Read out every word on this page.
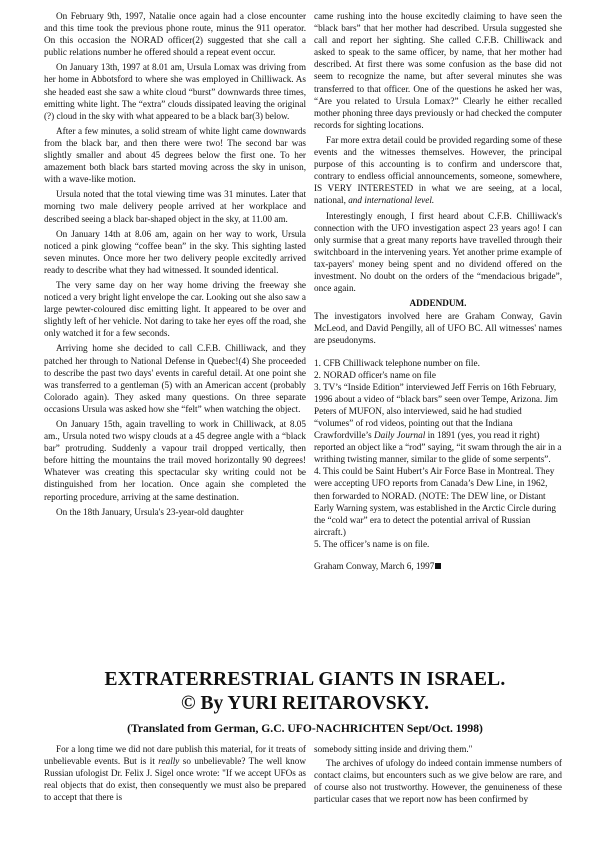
On February 9th, 1997, Natalie once again had a close encounter and this time took the previous phone route, minus the 911 operator. On this occasion the NORAD officer(2) suggested that she call a public relations number he offered should a repeat event occur.

On January 13th, 1997 at 8.01 am, Ursula Lomax was driving from her home in Abbotsford to where she was employed in Chilliwack. As she headed east she saw a white cloud “burst” downwards three times, emitting white light. The “extra” clouds dissipated leaving the original (?) cloud in the sky with what appeared to be a black bar(3) below.

After a few minutes, a solid stream of white light came downwards from the black bar, and then there were two! The second bar was slightly smaller and about 45 degrees below the first one. To her amazement both black bars started moving across the sky in unison, with a wave-like motion.

Ursula noted that the total viewing time was 31 minutes. Later that morning two male delivery people arrived at her workplace and described seeing a black bar-shaped object in the sky, at 11.00 am.

On January 14th at 8.06 am, again on her way to work, Ursula noticed a pink glowing “coffee bean” in the sky. This sighting lasted seven minutes. Once more her two delivery people excitedly arrived ready to describe what they had witnessed. It sounded identical.

The very same day on her way home driving the freeway she noticed a very bright light envelope the car. Looking out she also saw a large pewter-coloured disc emitting light. It appeared to be over and slightly left of her vehicle. Not daring to take her eyes off the road, she only watched it for a few seconds.

Arriving home she decided to call C.F.B. Chilliwack, and they patched her through to National Defense in Quebec!(4) She proceeded to describe the past two days' events in careful detail. At one point she was transferred to a gentleman (5) with an American accent (probably Colorado again). They asked many questions. On three separate occasions Ursula was asked how she “felt” when watching the object.

On January 15th, again travelling to work in Chilliwack, at 8.05 am., Ursula noted two wispy clouds at a 45 degree angle with a “black bar” protruding. Suddenly a vapour trail dropped vertically, then before hitting the mountains the trail moved horizontally 90 degrees! Whatever was creating this spectacular sky writing could not be distinguished from her location. Once again she completed the reporting procedure, arriving at the same destination.

On the 18th January, Ursula's 23-year-old daughter

came rushing into the house excitedly claiming to have seen the “black bars” that her mother had described. Ursula suggested she call and report her sighting. She called C.F.B. Chilliwack and asked to speak to the same officer, by name, that her mother had described. At first there was some confusion as the base did not seem to recognize the name, but after several minutes she was transferred to that officer. One of the questions he asked her was, “Are you related to Ursula Lomax?” Clearly he either recalled mother phoning three days previously or had checked the computer records for sighting locations.

Far more extra detail could be provided regarding some of these events and the witnesses themselves. However, the principal purpose of this accounting is to confirm and underscore that, contrary to endless official announcements, someone, somewhere, IS VERY INTERESTED in what we are seeing, at a local, national, and international level.

Interestingly enough, I first heard about C.F.B. Chilliwack's connection with the UFO investigation aspect 23 years ago! I can only surmise that a great many reports have travelled through their switchboard in the intervening years. Yet another prime example of tax-payers' money being spent and no dividend offered on the investment. No doubt on the orders of the “mendacious brigade”, once again.

ADDENDUM.

The investigators involved here are Graham Conway, Gavin McLeod, and David Pengilly, all of UFO BC. All witnesses' names are pseudonyms.

1. CFB Chilliwack telephone number on file.
2. NORAD officer's name on file
3. TV’s “Inside Edition” interviewed Jeff Ferris on 16th February, 1996 about a video of “black bars” seen over Tempe, Arizona. Jim Peters of MUFON, also interviewed, said he had studied “volumes” of rod videos, pointing out that the Indiana Crawfordville’s Daily Journal in 1891 (yes, you read it right) reported an object like a “rod” saying, “it swam through the air in a writhing twisting manner, similar to the glide of some serpents”.
4. This could be Saint Hubert’s Air Force Base in Montreal. They were accepting UFO reports from Canada’s Dew Line, in 1962, then forwarded to NORAD. (NOTE: The DEW line, or Distant Early Warning system, was established in the Arctic Circle during the “cold war” era to detect the potential arrival of Russian aircraft.)
5. The officer’s name is on file.

Graham Conway, March 6, 1997

EXTRATERRESTRIAL GIANTS IN ISRAEL.
© By YURI REITAROVSKY.
(Translated from German, G.C. UFO-NACHRICHTEN Sept/Oct. 1998)

For a long time we did not dare publish this material, for it treats of unbelievable events. But is it really so unbelievable? The well know Russian ufologist Dr. Felix J. Sigel once wrote: "If we accept UFOs as real objects that do exist, then consequently we must also be prepared to accept that there is

somebody sitting inside and driving them."

The archives of ufology do indeed contain immense numbers of contact claims, but encounters such as we give below are rare, and of course also not trustworthy. However, the genuineness of these particular cases that we report now has been confirmed by
